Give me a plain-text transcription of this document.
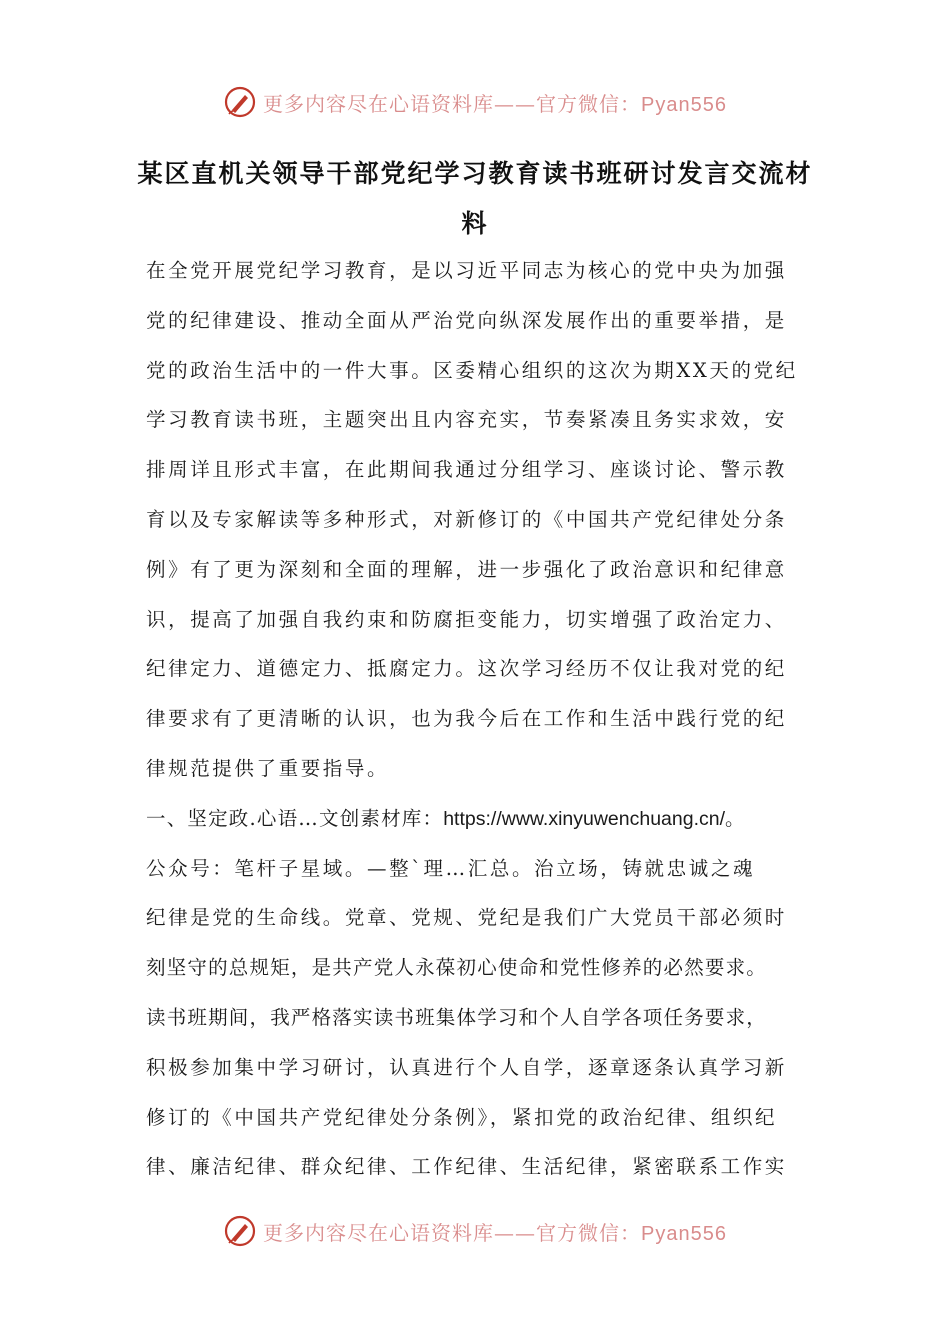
更多内容尽在心语资料库——官方微信：Pyan556
某区直机关领导干部党纪学习教育读书班研讨发言交流材
料
在全党开展党纪学习教育，是以习近平同志为核心的党中央为加强
党的纪律建设、推动全面从严治党向纵深发展作出的重要举措，是
党的政治生活中的一件大事。区委精心组织的这次为期XX天的党纪
学习教育读书班，主题突出且内容充实，节奏紧凑且务实求效，安
排周详且形式丰富，在此期间我通过分组学习、座谈讨论、警示教
育以及专家解读等多种形式，对新修订的《中国共产党纪律处分条
例》有了更为深刻和全面的理解，进一步强化了政治意识和纪律意
识，提高了加强自我约束和防腐拒变能力，切实增强了政治定力、
纪律定力、道德定力、抵腐定力。这次学习经历不仅让我对党的纪
律要求有了更清晰的认识，也为我今后在工作和生活中践行党的纪
律规范提供了重要指导。
一、坚定政.心语…文创素材库：https://www.xinyuwenchuang.cn/。
公众号：笔杆子星域。—整`理…汇总。治立场，铸就忠诚之魂
纪律是党的生命线。党章、党规、党纪是我们广大党员干部必须时
刻坚守的总规矩，是共产党人永葆初心使命和党性修养的必然要求。
读书班期间，我严格落实读书班集体学习和个人自学各项任务要求，
积极参加集中学习研讨，认真进行个人自学，逐章逐条认真学习新
修订的《中国共产党纪律处分条例》，紧扣党的政治纪律、组织纪
律、廉洁纪律、群众纪律、工作纪律、生活纪律，紧密联系工作实
更多内容尽在心语资料库——官方微信：Pyan556
